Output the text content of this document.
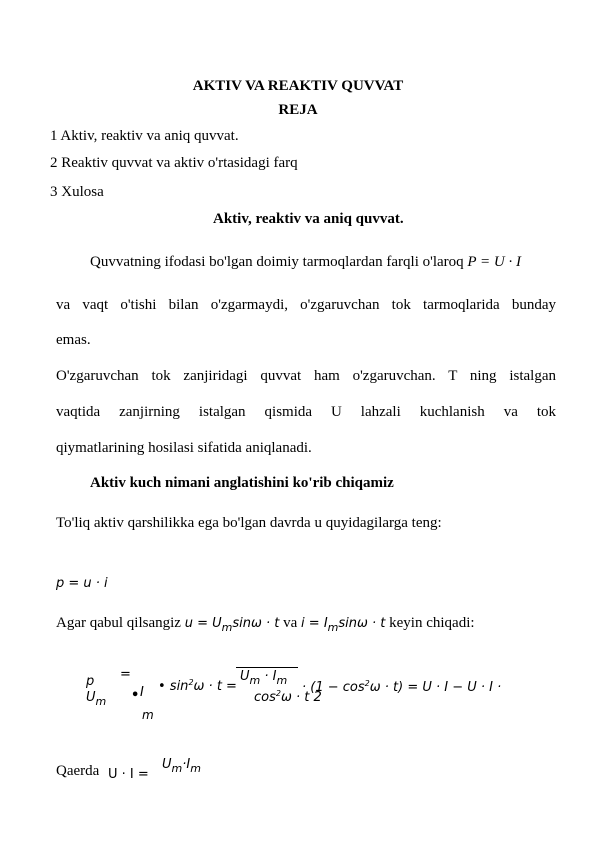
AKTIV VA REAKTIV QUVVAT
REJA
1 Aktiv, reaktiv va aniq quvvat.
2 Reaktiv quvvat va aktiv o'rtasidagi farq
3 Xulosa
Aktiv, reaktiv va aniq quvvat.
Quvvatning ifodasi bo'lgan doimiy tarmoqlardan farqli o'laroq P = U · I
va vaqt o'tishi bilan o'zgarmaydi, o'zgaruvchan tok tarmoqlarida bunday
emas.
O'zgaruvchan tok zanjiridagi quvvat ham o'zgaruvchan. T ning istalgan
vaqtida zanjirning istalgan qismida U lahzali kuchlanish va tok
qiymatlarining hosilasi sifatida aniqlanadi.
Aktiv kuch nimani anglatishini ko'rib chiqamiz
To'liq aktiv qarshilikka ega bo'lgan davrda u quyidagilarga teng:
p = u · i
Agar qabul qilsangiz $u = U_m\sin\omega \cdot t$ va $i = I_m\sin\omega \cdot t$ keyin chiqadi:
p =
$U_m$ • I
m
• $\sin^2\omega \cdot t$ =
$U_m \cdot I_m$
$\cos^2\omega \cdot t$ 2
· $(1 - \cos^2\omega \cdot t) = U \cdot I - U \cdot I$ ·
Qaerda U · I =
$U_m\cdot I_m$
